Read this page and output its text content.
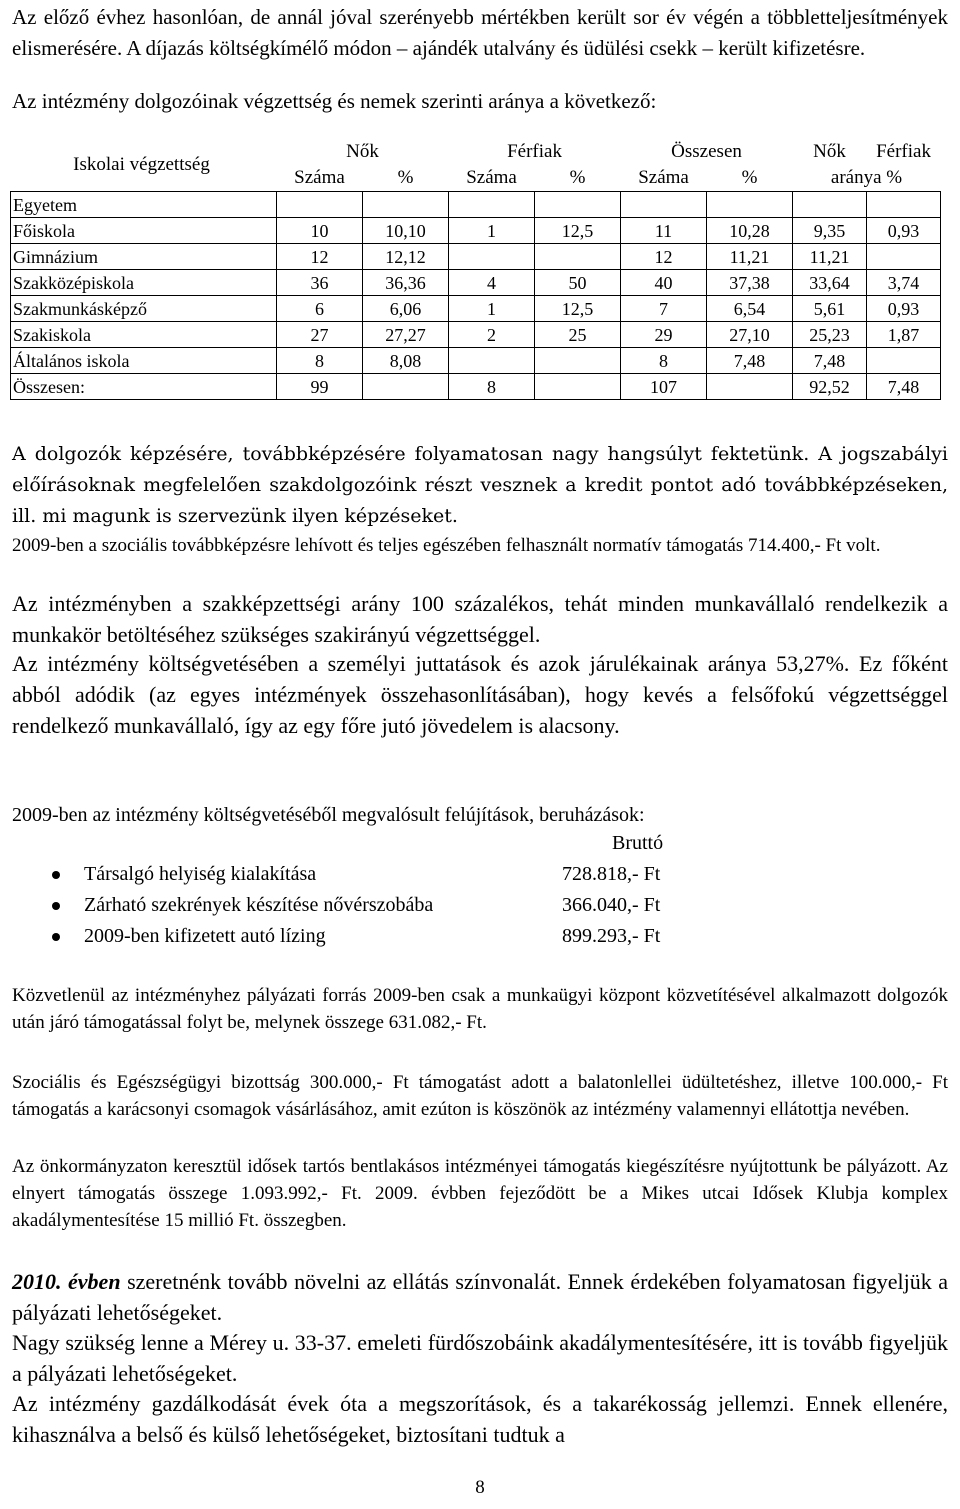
Az előző évhez hasonlóan, de annál jóval szerényebb mértékben került sor év végén a többletteljesítmények elismerésére. A díjazás költségkímélő módon – ajándék utalvány és üdülési csekk – került kifizetésre.

Az intézmény dolgozóinak végzettség és nemek szerinti aránya a következő:

Iskolai végzettség	Nők		Férfiak		Összesen		Nők	Férfiak
	Száma	%	Száma	%	Száma	%	aránya %	
Egyetem								
Főiskola	10	10,10	1	12,5	11	10,28	9,35	0,93
Gimnázium	12	12,12			12	11,21	11,21	
Szakközépiskola	36	36,36	4	50	40	37,38	33,64	3,74
Szakmunkásképző	6	6,06	1	12,5	7	6,54	5,61	0,93
Szakiskola	27	27,27	2	25	29	27,10	25,23	1,87
Általános iskola	8	8,08			8	7,48	7,48	
Összesen:	99		8		107		92,52	7,48

A dolgozók képzésére, továbbképzésére folyamatosan nagy hangsúlyt fektetünk. A jogszabályi előírásoknak megfelelően szakdolgozóink részt vesznek a kredit pontot adó továbbképzéseken, ill. mi magunk is szervezünk ilyen képzéseket.

2009-ben a szociális továbbképzésre lehívott és teljes egészében felhasznált normatív támogatás 714.400,- Ft volt.

Az intézményben a szakképzettségi arány 100 százalékos, tehát minden munkavállaló rendelkezik a munkakör betöltéséhez szükséges szakirányú végzettséggel.

Az intézmény költségvetésében a személyi juttatások és azok járulékainak aránya 53,27%. Ez főként abból adódik (az egyes intézmények összehasonlításában), hogy kevés a felsőfokú végzettséggel rendelkező munkavállaló, így az egy főre jutó jövedelem is alacsony.

2009-ben az intézmény költségvetéséből megvalósult felújítások, beruházások:

Bruttó
Társalgó helyiség kialakítása	728.818,- Ft
Zárható szekrények készítése nővérszobába	366.040,- Ft
2009-ben kifizetett autó lízing	899.293,- Ft

Közvetlenül az intézményhez pályázati forrás 2009-ben csak a munkaügyi központ közvetítésével alkalmazott dolgozók után járó támogatással folyt be, melynek összege 631.082,- Ft.

Szociális és Egészségügyi bizottság 300.000,- Ft támogatást adott a balatonlellei üdültetéshez, illetve 100.000,- Ft támogatás a karácsonyi csomagok vásárlásához, amit ezúton is köszönök az intézmény valamennyi ellátottja nevében.

Az önkormányzaton keresztül idősek tartós bentlakásos intézményei támogatás kiegészítésre nyújtottunk be pályázott. Az elnyert támogatás összege 1.093.992,- Ft. 2009. évbben fejeződött be a Mikes utcai Idősek Klubja komplex akadálymentesítése 15 millió Ft. összegben.

2010. évben szeretnénk tovább növelni az ellátás színvonalát. Ennek érdekében folyamatosan figyeljük a pályázati lehetőségeket.

Nagy szükség lenne a Mérey u. 33-37. emeleti fürdőszobáink akadálymentesítésére, itt is tovább figyeljük a pályázati lehetőségeket.

Az intézmény gazdálkodását évek óta a megszorítások, és a takarékosság jellemzi. Ennek ellenére, kihasználva a belső és külső lehetőségeket, biztosítani tudtuk a

8
